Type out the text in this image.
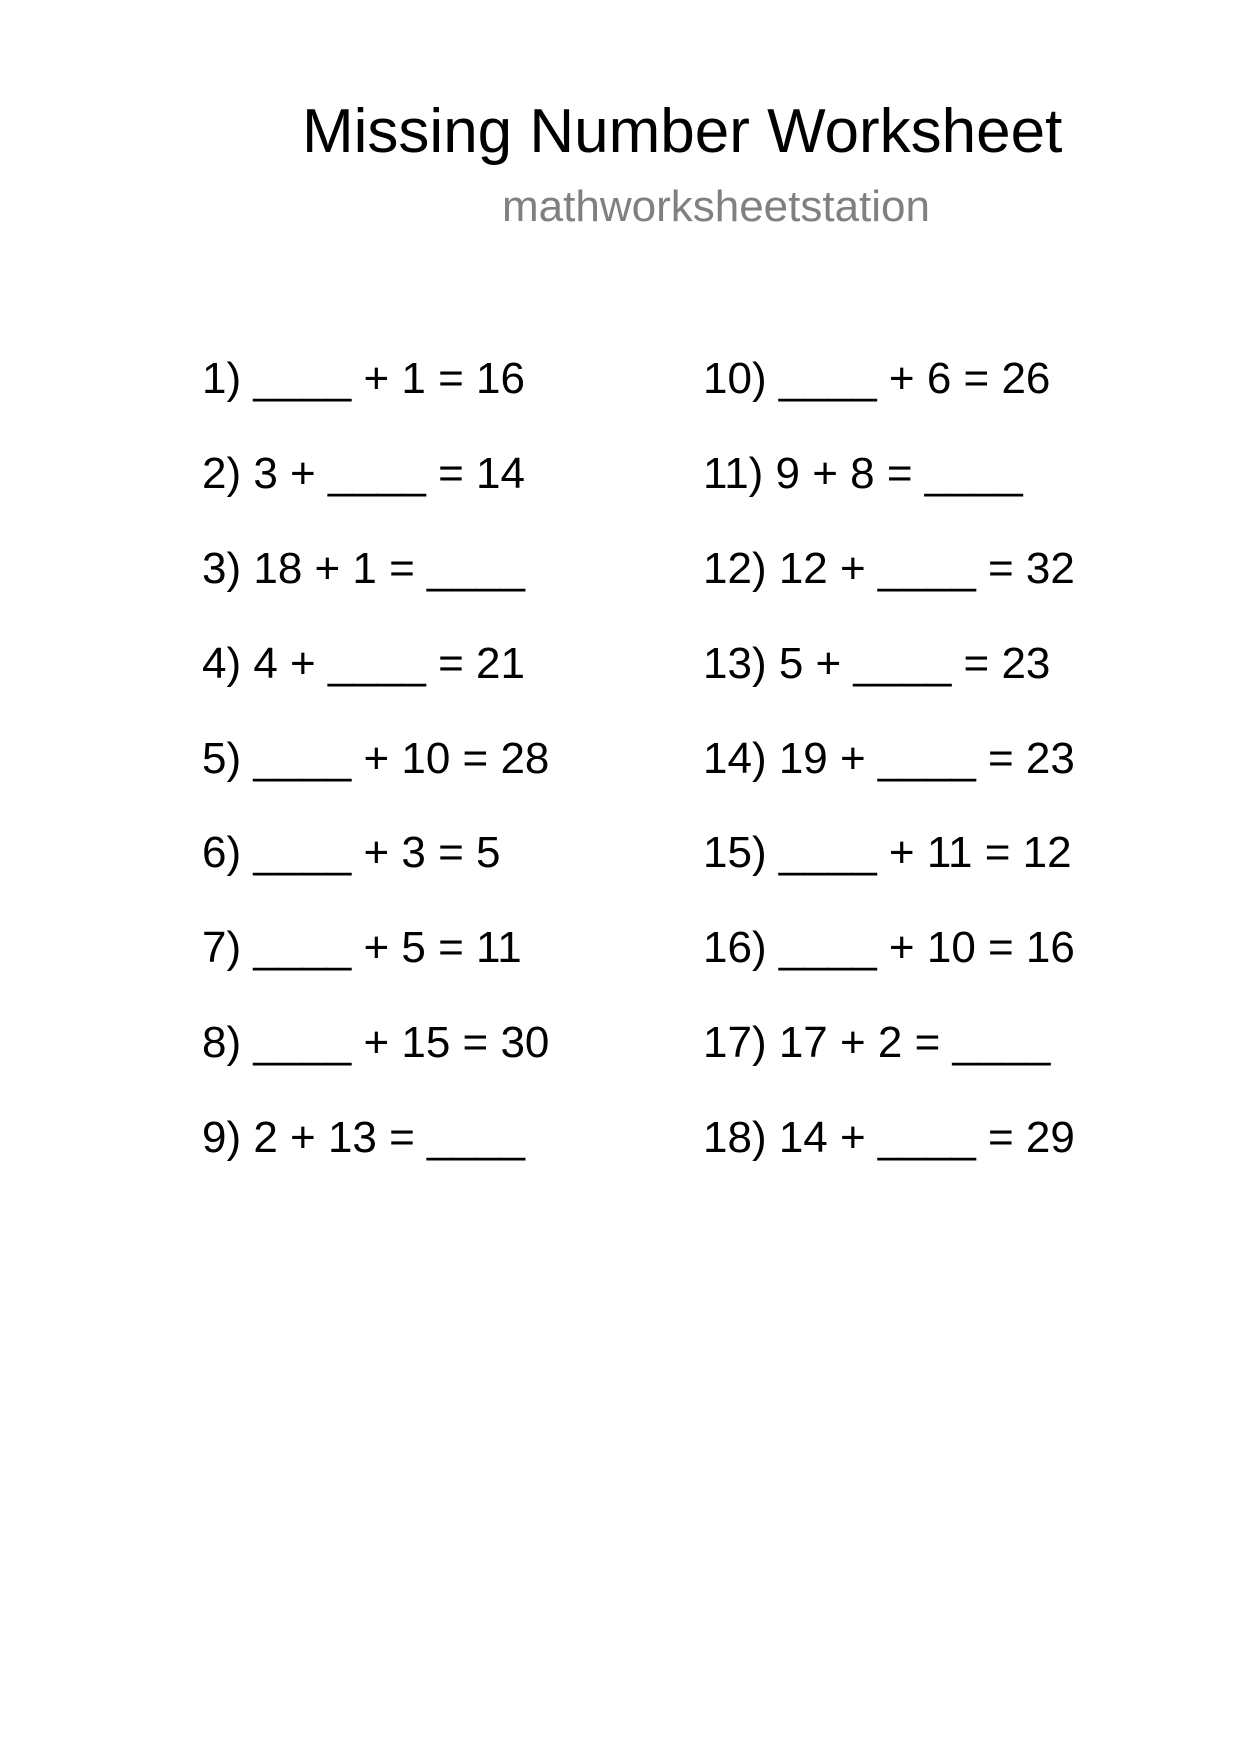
Missing Number Worksheet
mathworksheetstation
1) ____ + 1 = 16
2) 3 + ____ = 14
3) 18 + 1 = ____
4) 4 + ____ = 21
5) ____ + 10 = 28
6) ____ + 3 = 5
7) ____ + 5 = 11
8) ____ + 15 = 30
9) 2 + 13 = ____
10) ____ + 6 = 26
11) 9 + 8 = ____
12) 12 + ____ = 32
13) 5 + ____ = 23
14) 19 + ____ = 23
15) ____ + 11 = 12
16) ____ + 10 = 16
17) 17 + 2 = ____
18) 14 + ____ = 29
